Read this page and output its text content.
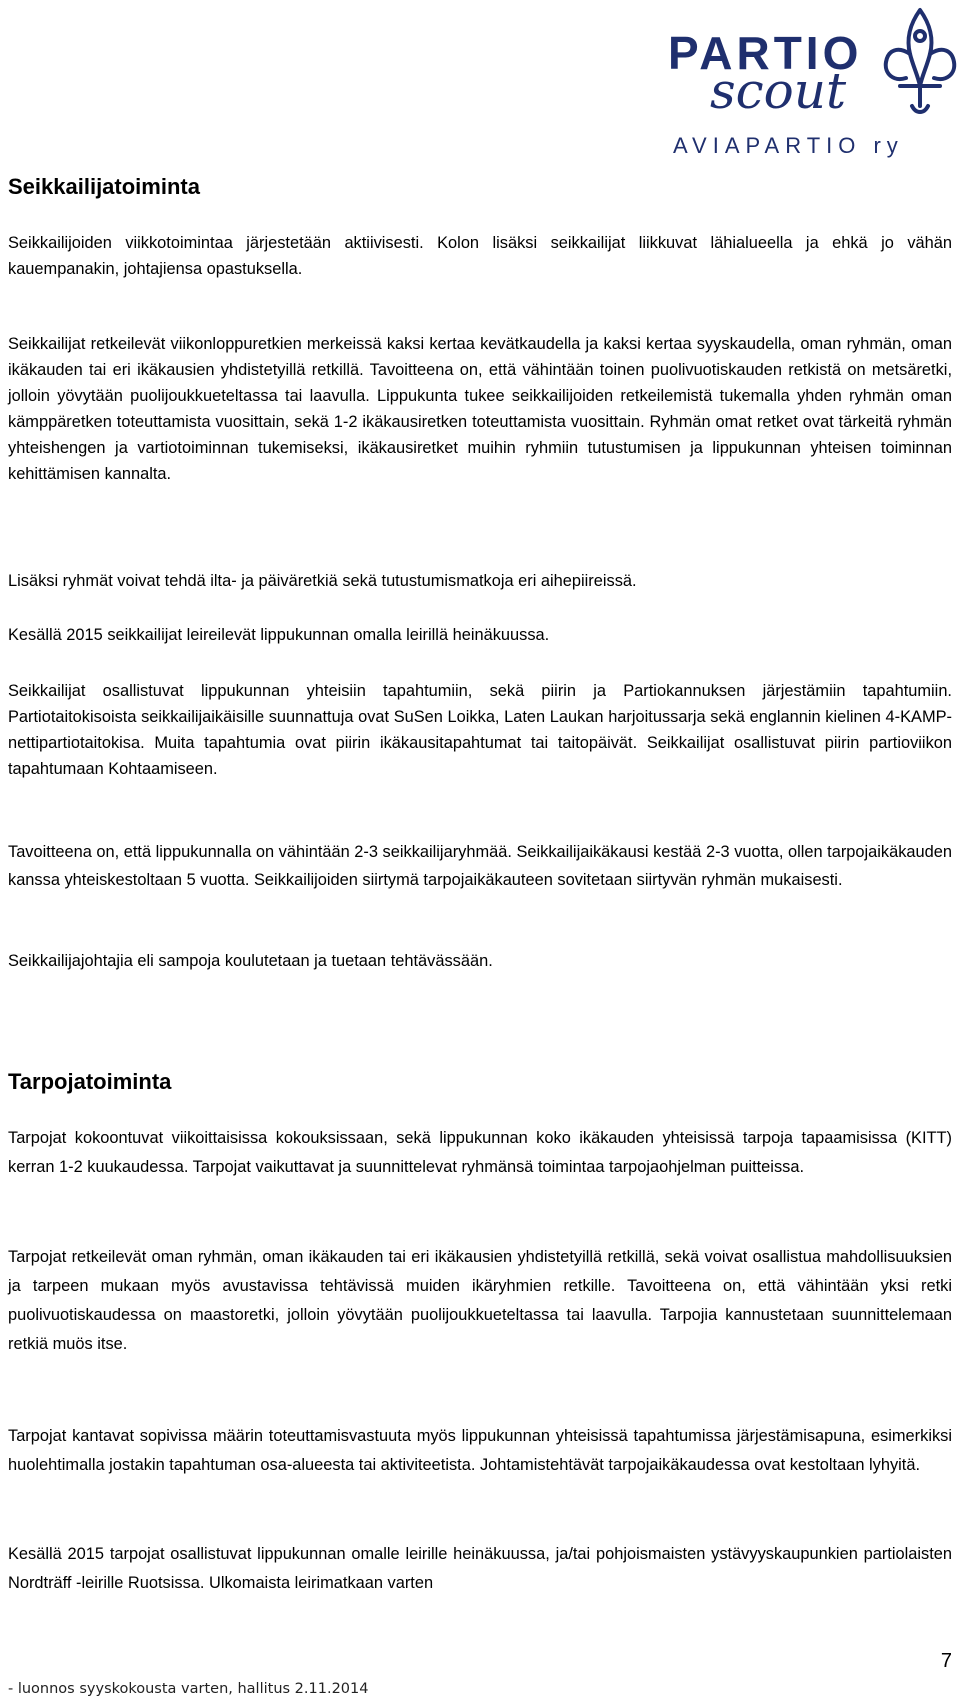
PARTIO
scout
AVIAPARTIO ry
Seikkailijatoiminta

Seikkailijoiden viikkotoimintaa järjestetään aktiivisesti. Kolon lisäksi seikkailijat liikkuvat lähialueella ja ehkä jo vähän kauempanakin, johtajiensa opastuksella.

Seikkailijat retkeilevät viikonloppuretkien merkeissä kaksi kertaa kevätkaudella ja kaksi kertaa syyskaudella, oman ryhmän, oman ikäkauden tai eri ikäkausien yhdistetyillä retkillä. Tavoitteena on, että vähintään toinen puolivuotiskauden retkistä on metsäretki, jolloin yövytään puolijoukkueteltassa tai laavulla. Lippukunta tukee seikkailijoiden retkeilemistä tukemalla yhden ryhmän oman kämppäretken toteuttamista vuosittain, sekä 1-2 ikäkausiretken toteuttamista vuosittain. Ryhmän omat retket ovat tärkeitä ryhmän yhteishengen ja vartiotoiminnan tukemiseksi, ikäkausiretket muihin ryhmiin tutustumisen ja lippukunnan yhteisen toiminnan kehittämisen kannalta.

Lisäksi ryhmät voivat tehdä ilta- ja päiväretkiä sekä tutustumismatkoja eri aihepiireissä.

Kesällä 2015 seikkailijat leireilevät lippukunnan omalla leirillä heinäkuussa.

Seikkailijat osallistuvat lippukunnan yhteisiin tapahtumiin, sekä piirin ja Partiokannuksen järjestämiin tapahtumiin. Partiotaitokisoista seikkailijaikäisille suunnattuja ovat SuSen Loikka, Laten Laukan harjoitussarja sekä englannin kielinen 4-KAMP-nettipartiotaitokisa. Muita tapahtumia ovat piirin ikäkausitapahtumat tai taitopäivät. Seikkailijat osallistuvat piirin partioviikon tapahtumaan Kohtaamiseen.

Tavoitteena on, että lippukunnalla on vähintään 2-3 seikkailijaryhmää. Seikkailijaikäkausi kestää 2-3 vuotta, ollen tarpojaikäkauden kanssa yhteiskestoltaan 5 vuotta. Seikkailijoiden siirtymä tarpojaikäkauteen sovitetaan siirtyvän ryhmän mukaisesti.

Seikkailijajohtajia eli sampoja koulutetaan ja tuetaan tehtävässään.

Tarpojatoiminta

Tarpojat kokoontuvat viikoittaisissa kokouksissaan, sekä lippukunnan koko ikäkauden yhteisissä tarpoja tapaamisissa (KITT) kerran 1-2 kuukaudessa. Tarpojat vaikuttavat ja suunnittelevat ryhmänsä toimintaa tarpojaohjelman puitteissa.

Tarpojat retkeilevät oman ryhmän, oman ikäkauden tai eri ikäkausien yhdistetyillä retkillä, sekä voivat osallistua mahdollisuuksien ja tarpeen mukaan myös avustavissa tehtävissä muiden ikäryhmien retkille. Tavoitteena on, että vähintään yksi retki puolivuotiskaudessa on maastoretki, jolloin yövytään puolijoukkueteltassa tai laavulla. Tarpojia kannustetaan suunnittelemaan retkiä muös itse.

Tarpojat kantavat sopivissa määrin toteuttamisvastuuta myös lippukunnan yhteisissä tapahtumissa järjestämisapuna, esimerkiksi huolehtimalla jostakin tapahtuman osa-alueesta tai aktiviteetista. Johtamistehtävät tarpojaikäkaudessa ovat kestoltaan lyhyitä.

Kesällä 2015 tarpojat osallistuvat lippukunnan omalle leirille heinäkuussa, ja/tai pohjoismaisten ystävyyskaupunkien partiolaisten Nordträff -leirille Ruotsissa. Ulkomaista leirimatkaan varten

7
- luonnos syyskokousta varten, hallitus 2.11.2014
